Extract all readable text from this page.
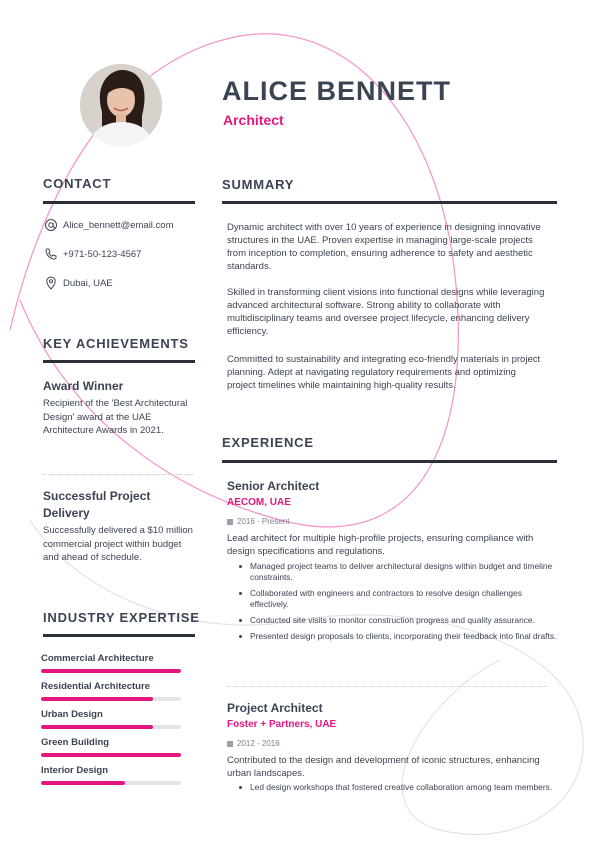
ALICE BENNETT
Architect
CONTACT
Alice_bennett@email.com
+971-50-123-4567
Dubai, UAE
KEY ACHIEVEMENTS
Award Winner
Recipient of the 'Best Architectural Design' award at the UAE Architecture Awards in 2021.
Successful Project Delivery
Successfully delivered a $10 million commercial project within budget and ahead of schedule.
INDUSTRY EXPERTISE
Commercial Architecture
Residential Architecture
Urban Design
Green Building
Interior Design
SUMMARY
Dynamic architect with over 10 years of experience in designing innovative structures in the UAE. Proven expertise in managing large-scale projects from inception to completion, ensuring adherence to safety and aesthetic standards.
Skilled in transforming client visions into functional designs while leveraging advanced architectural software. Strong ability to collaborate with multidisciplinary teams and oversee project lifecycle, enhancing delivery efficiency.
Committed to sustainability and integrating eco-friendly materials in project planning. Adept at navigating regulatory requirements and optimizing project timelines while maintaining high-quality results.
EXPERIENCE
Senior Architect
AECOM, UAE
2016 - Present
Lead architect for multiple high-profile projects, ensuring compliance with design specifications and regulations.
Managed project teams to deliver architectural designs within budget and timeline constraints.
Collaborated with engineers and contractors to resolve design challenges effectively.
Conducted site visits to monitor construction progress and quality assurance.
Presented design proposals to clients, incorporating their feedback into final drafts.
Project Architect
Foster + Partners, UAE
2012 - 2016
Contributed to the design and development of iconic structures, enhancing urban landscapes.
Led design workshops that fostered creative collaboration among team members.
